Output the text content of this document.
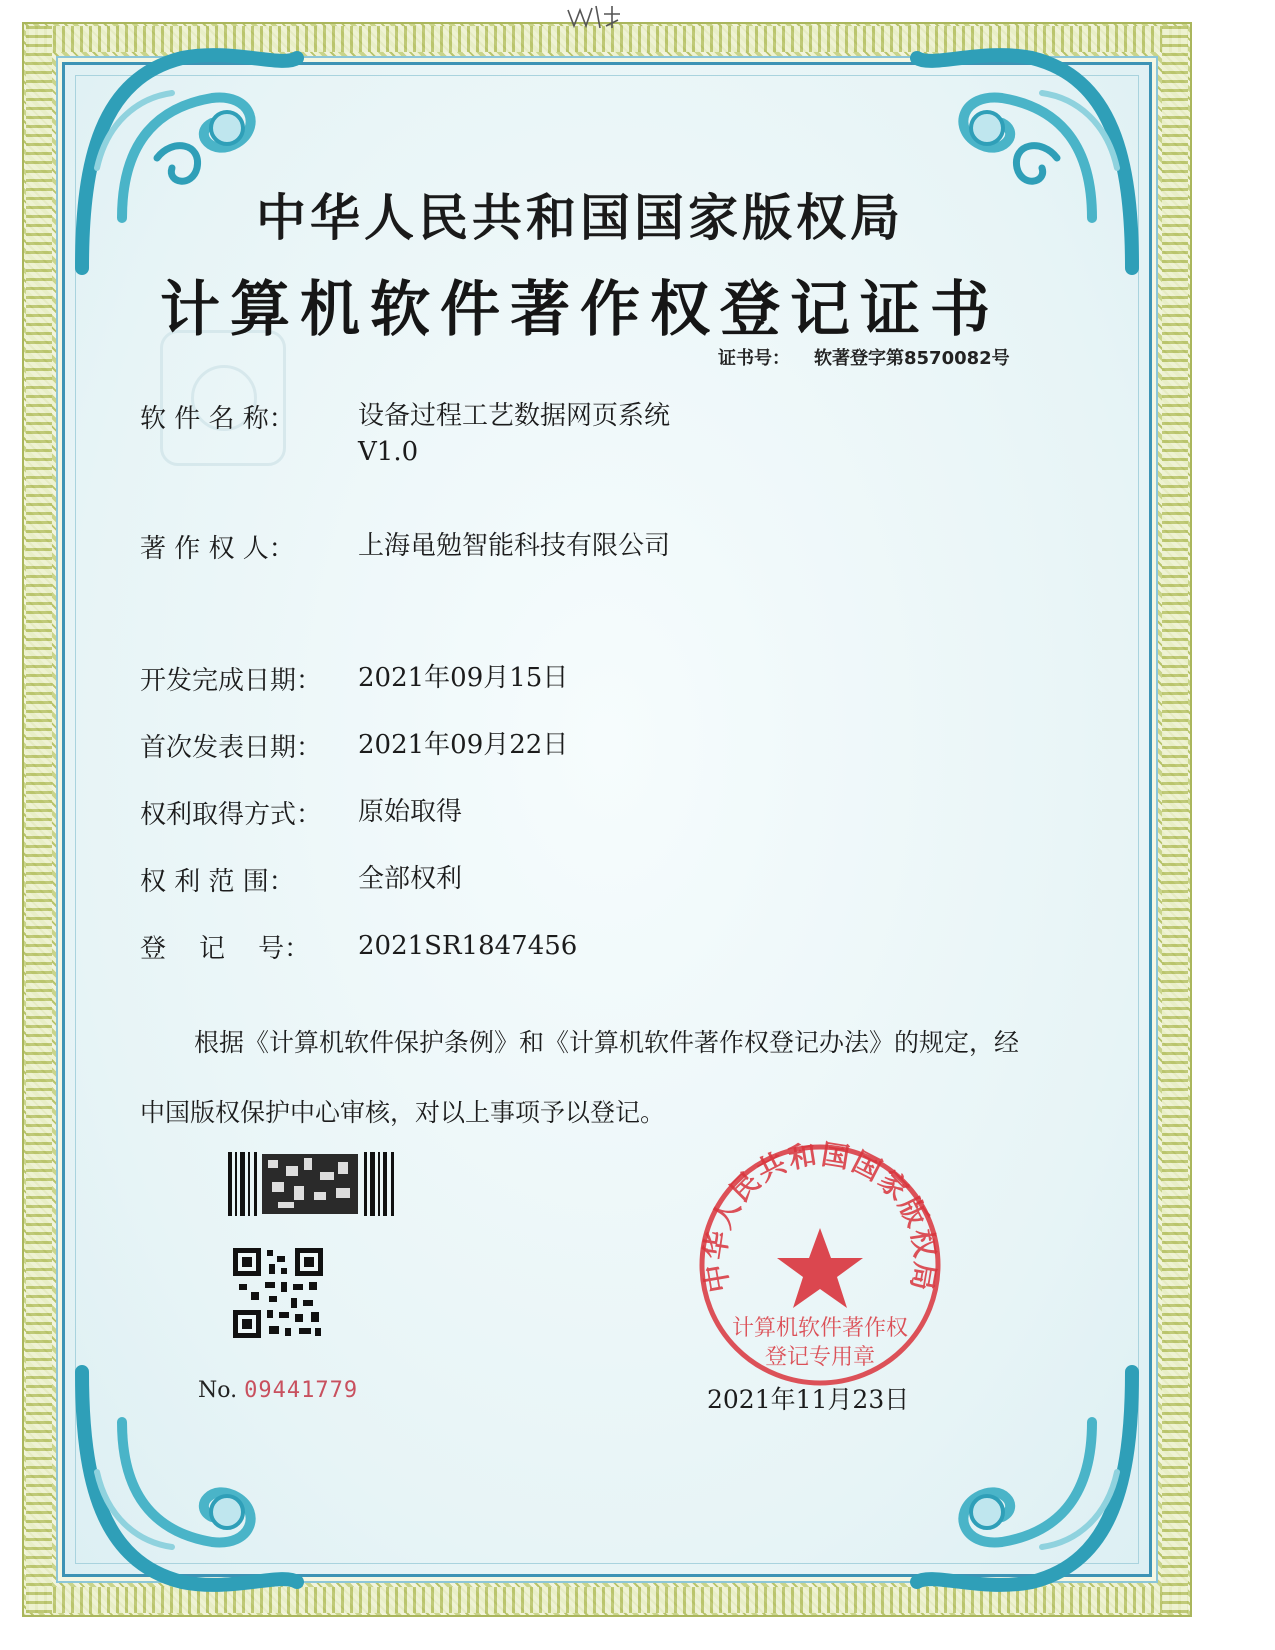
中华人民共和国国家版权局
计算机软件著作权登记证书
证书号： 软著登字第8570082号
软 件 名 称：	设备过程工艺数据网页系统
V1.0
著 作 权 人：	上海黾勉智能科技有限公司
开发完成日期：	2021年09月15日
首次发表日期：	2021年09月22日
权利取得方式：	原始取得
权 利 范 围：	全部权利
登    记    号：	2021SR1847456
根据《计算机软件保护条例》和《计算机软件著作权登记办法》的规定，经中国版权保护中心审核，对以上事项予以登记。
No. 09441779
中华人民共和国国家版权局
计算机软件著作权
登记专用章
2021年11月23日
